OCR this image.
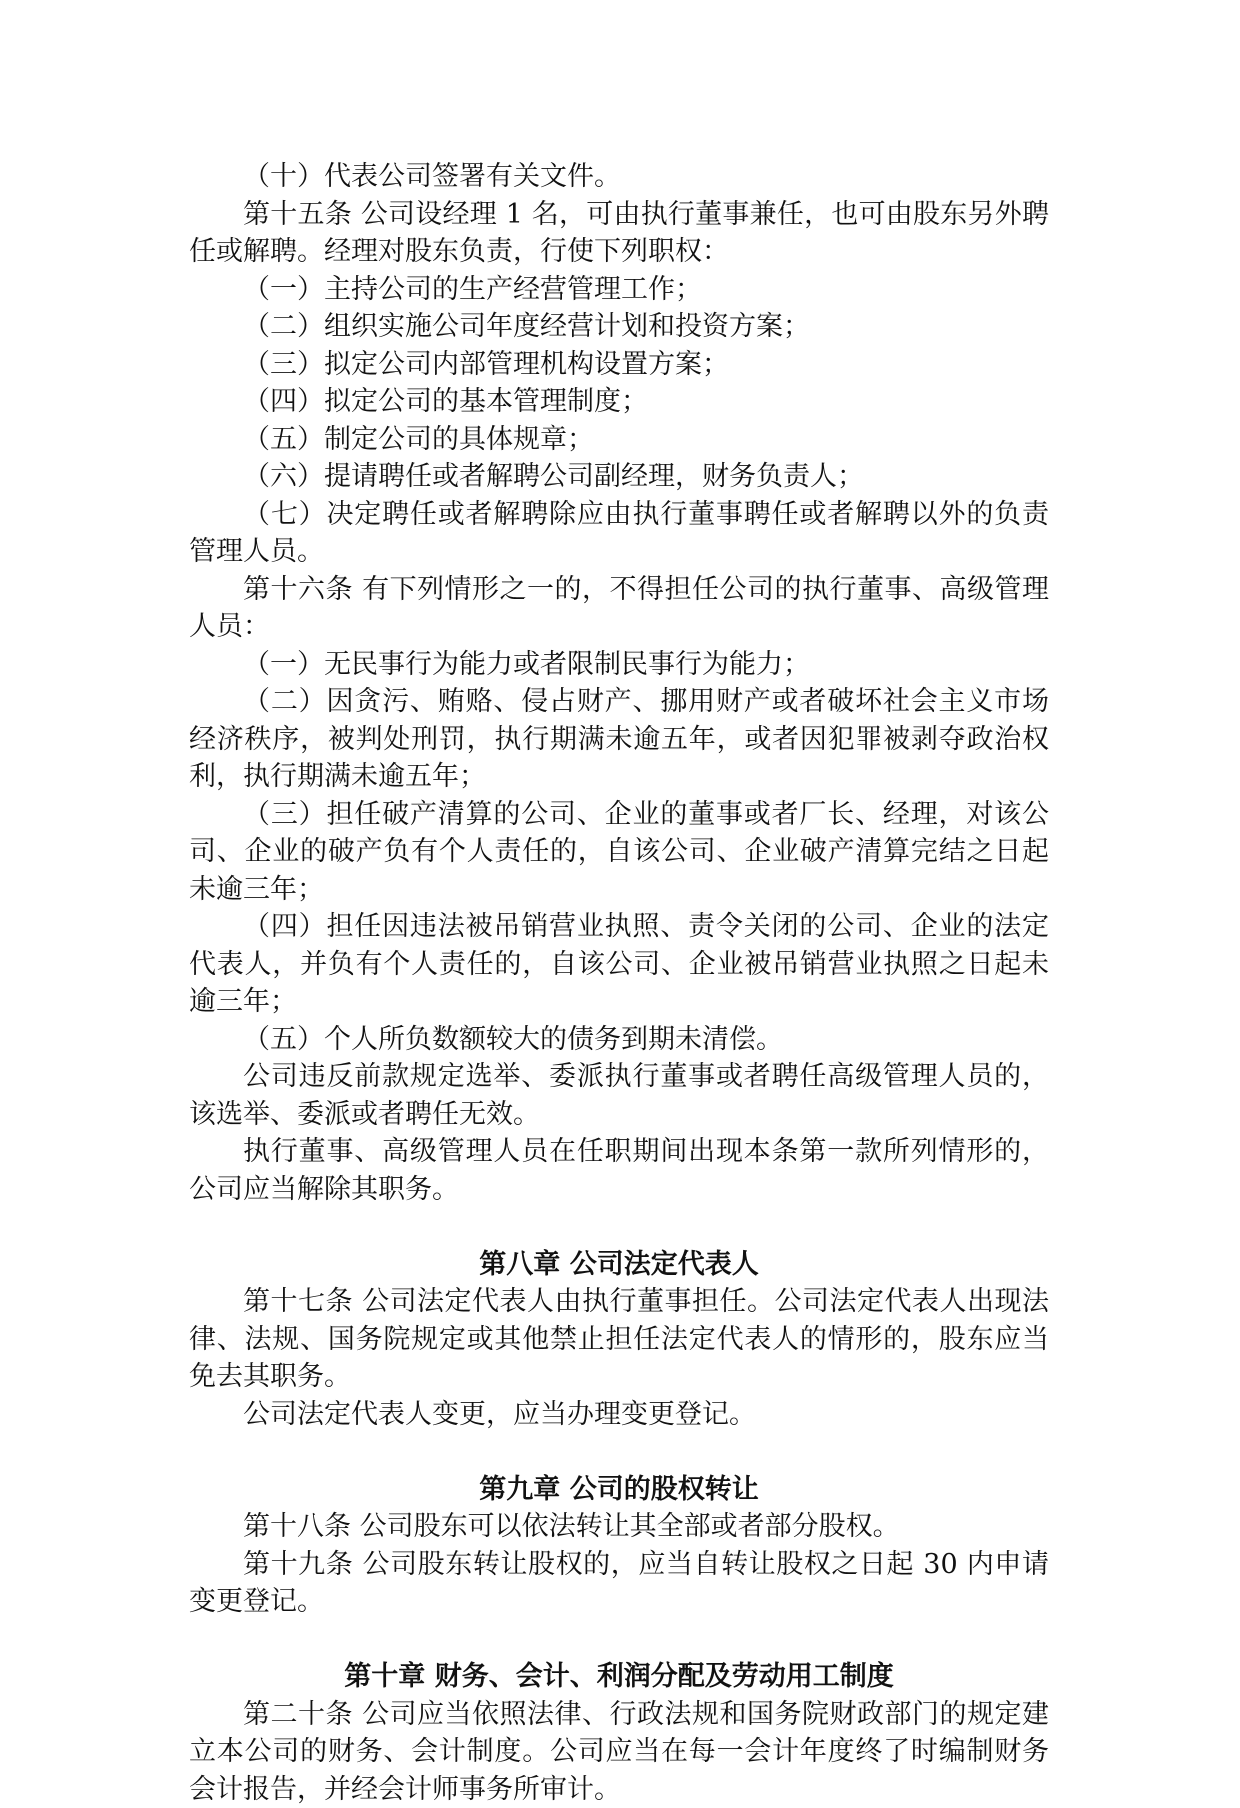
（十）代表公司签署有关文件。

第十五条 公司设经理 1 名，可由执行董事兼任，也可由股东另外聘任或解聘。经理对股东负责，行使下列职权：

（一）主持公司的生产经营管理工作；

（二）组织实施公司年度经营计划和投资方案；

（三）拟定公司内部管理机构设置方案；

（四）拟定公司的基本管理制度；

（五）制定公司的具体规章；

（六）提请聘任或者解聘公司副经理，财务负责人；

（七）决定聘任或者解聘除应由执行董事聘任或者解聘以外的负责管理人员。

第十六条 有下列情形之一的，不得担任公司的执行董事、高级管理人员：

（一）无民事行为能力或者限制民事行为能力；

（二）因贪污、贿赂、侵占财产、挪用财产或者破坏社会主义市场经济秩序，被判处刑罚，执行期满未逾五年，或者因犯罪被剥夺政治权利，执行期满未逾五年；

（三）担任破产清算的公司、企业的董事或者厂长、经理，对该公司、企业的破产负有个人责任的，自该公司、企业破产清算完结之日起未逾三年；

（四）担任因违法被吊销营业执照、责令关闭的公司、企业的法定代表人，并负有个人责任的，自该公司、企业被吊销营业执照之日起未逾三年；

（五）个人所负数额较大的债务到期未清偿。

公司违反前款规定选举、委派执行董事或者聘任高级管理人员的，该选举、委派或者聘任无效。

执行董事、高级管理人员在任职期间出现本条第一款所列情形的，公司应当解除其职务。

第八章 公司法定代表人

第十七条 公司法定代表人由执行董事担任。公司法定代表人出现法律、法规、国务院规定或其他禁止担任法定代表人的情形的，股东应当免去其职务。

公司法定代表人变更，应当办理变更登记。

第九章 公司的股权转让

第十八条 公司股东可以依法转让其全部或者部分股权。

第十九条 公司股东转让股权的，应当自转让股权之日起 30 内申请变更登记。

第十章 财务、会计、利润分配及劳动用工制度

第二十条 公司应当依照法律、行政法规和国务院财政部门的规定建立本公司的财务、会计制度。公司应当在每一会计年度终了时编制财务会计报告，并经会计师事务所审计。
